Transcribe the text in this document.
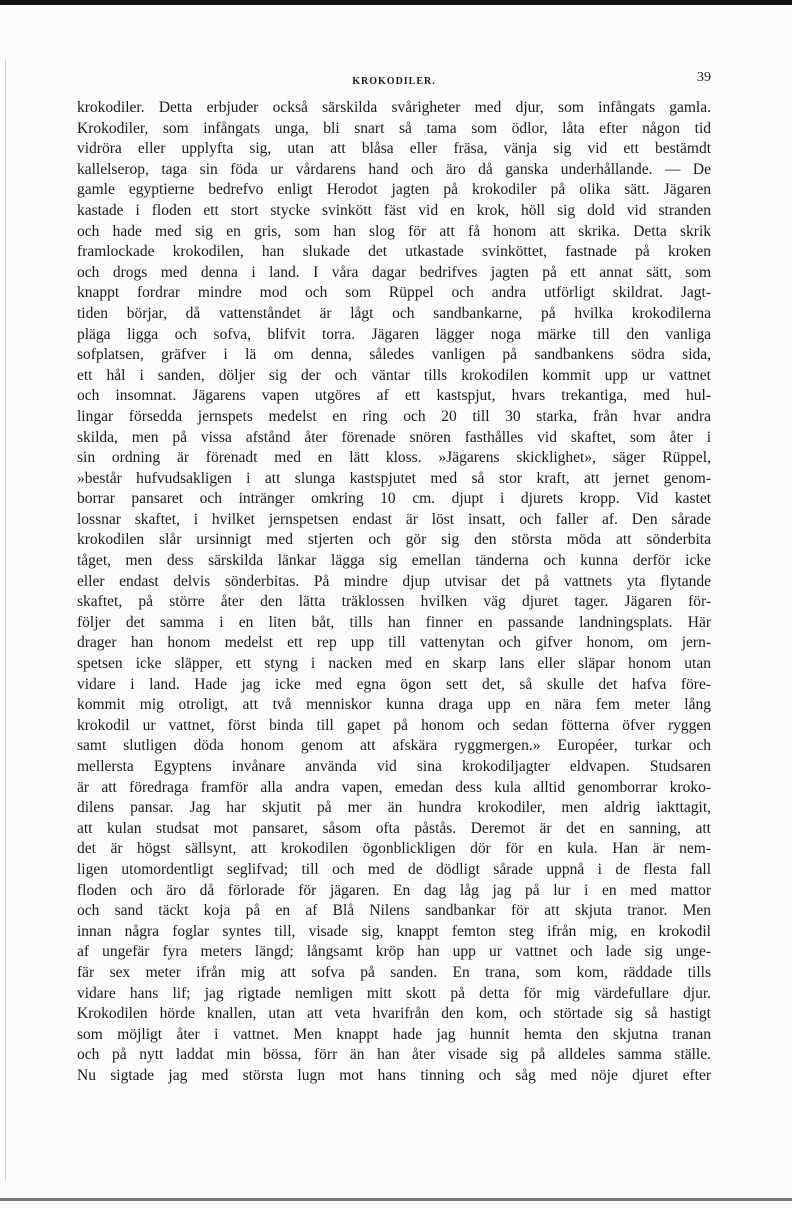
KROKODILER.	39
krokodiler. Detta erbjuder också särskilda svårigheter med djur, som infångats gamla.
Krokodiler, som infångats unga, bli snart så tama som ödlor, låta efter någon tid
vidröra eller upplyfta sig, utan att blåsa eller fräsa, vänja sig vid ett bestämdt
kallelserop, taga sin föda ur vårdarens hand och äro då ganska underhållande. — De
gamle egyptierne bedrefvo enligt Herodot jagten på krokodiler på olika sätt. Jägaren
kastade i floden ett stort stycke svinkött fäst vid en krok, höll sig dold vid stranden
och hade med sig en gris, som han slog för att få honom att skrika. Detta skrik
framlockade krokodilen, han slukade det utkastade svinköttet, fastnade på kroken
och drogs med denna i land. I våra dagar bedrifves jagten på ett annat sätt, som
knappt fordrar mindre mod och som Rüppel och andra utförligt skildrat. Jagt-
tiden börjar, då vattenståndet är lågt och sandbankarne, på hvilka krokodilerna
pläga ligga och sofva, blifvit torra. Jägaren lägger noga märke till den vanliga
sofplatsen, gräfver i lä om denna, således vanligen på sandbankens södra sida,
ett hål i sanden, döljer sig der och väntar tills krokodilen kommit upp ur vattnet
och insomnat. Jägarens vapen utgöres af ett kastspjut, hvars trekantiga, med hul-
lingar försedda jernspets medelst en ring och 20 till 30 starka, från hvar andra
skilda, men på vissa afstånd åter förenade snören fasthålles vid skaftet, som åter i
sin ordning är förenadt med en lätt kloss. »Jägarens skicklighet», säger Rüppel,
»består hufvudsakligen i att slunga kastspjutet med så stor kraft, att jernet genom-
borrar pansaret och intränger omkring 10 cm. djupt i djurets kropp. Vid kastet
lossnar skaftet, i hvilket jernspetsen endast är löst insatt, och faller af. Den sårade
krokodilen slår ursinnigt med stjerten och gör sig den största möda att sönderbita
tåget, men dess särskilda länkar lägga sig emellan tänderna och kunna derför icke
eller endast delvis sönderbitas. På mindre djup utvisar det på vattnets yta flytande
skaftet, på större åter den lätta träklossen hvilken väg djuret tager. Jägaren för-
följer det samma i en liten båt, tills han finner en passande landningsplats. Här
drager han honom medelst ett rep upp till vattenytan och gifver honom, om jern-
spetsen icke släpper, ett styng i nacken med en skarp lans eller släpar honom utan
vidare i land. Hade jag icke med egna ögon sett det, så skulle det hafva före-
kommit mig otroligt, att två menniskor kunna draga upp en nära fem meter lång
krokodil ur vattnet, först binda till gapet på honom och sedan fötterna öfver ryggen
samt slutligen döda honom genom att afskära ryggmergen.» Européer, turkar och
mellersta Egyptens invånare använda vid sina krokodiljagter eldvapen. Studsaren
är att föredraga framför alla andra vapen, emedan dess kula alltid genomborrar kroko-
dilens pansar. Jag har skjutit på mer än hundra krokodiler, men aldrig iakttagit,
att kulan studsat mot pansaret, såsom ofta påstås. Deremot är det en sanning, att
det är högst sällsynt, att krokodilen ögonblickligen dör för en kula. Han är nem-
ligen utomordentligt seglifvad; till och med de dödligt sårade uppnå i de flesta fall
floden och äro då förlorade för jägaren. En dag låg jag på lur i en med mattor
och sand täckt koja på en af Blå Nilens sandbankar för att skjuta tranor. Men
innan några foglar syntes till, visade sig, knappt femton steg ifrån mig, en krokodil
af ungefär fyra meters längd; långsamt kröp han upp ur vattnet och lade sig unge-
fär sex meter ifrån mig att sofva på sanden. En trana, som kom, räddade tills
vidare hans lif; jag rigtade nemligen mitt skott på detta för mig värdefullare djur.
Krokodilen hörde knallen, utan att veta hvarifrån den kom, och störtade sig så hastigt
som möjligt åter i vattnet. Men knappt hade jag hunnit hemta den skjutna tranan
och på nytt laddat min bössa, förr än han åter visade sig på alldeles samma ställe.
Nu sigtade jag med största lugn mot hans tinning och såg med nöje djuret efter
